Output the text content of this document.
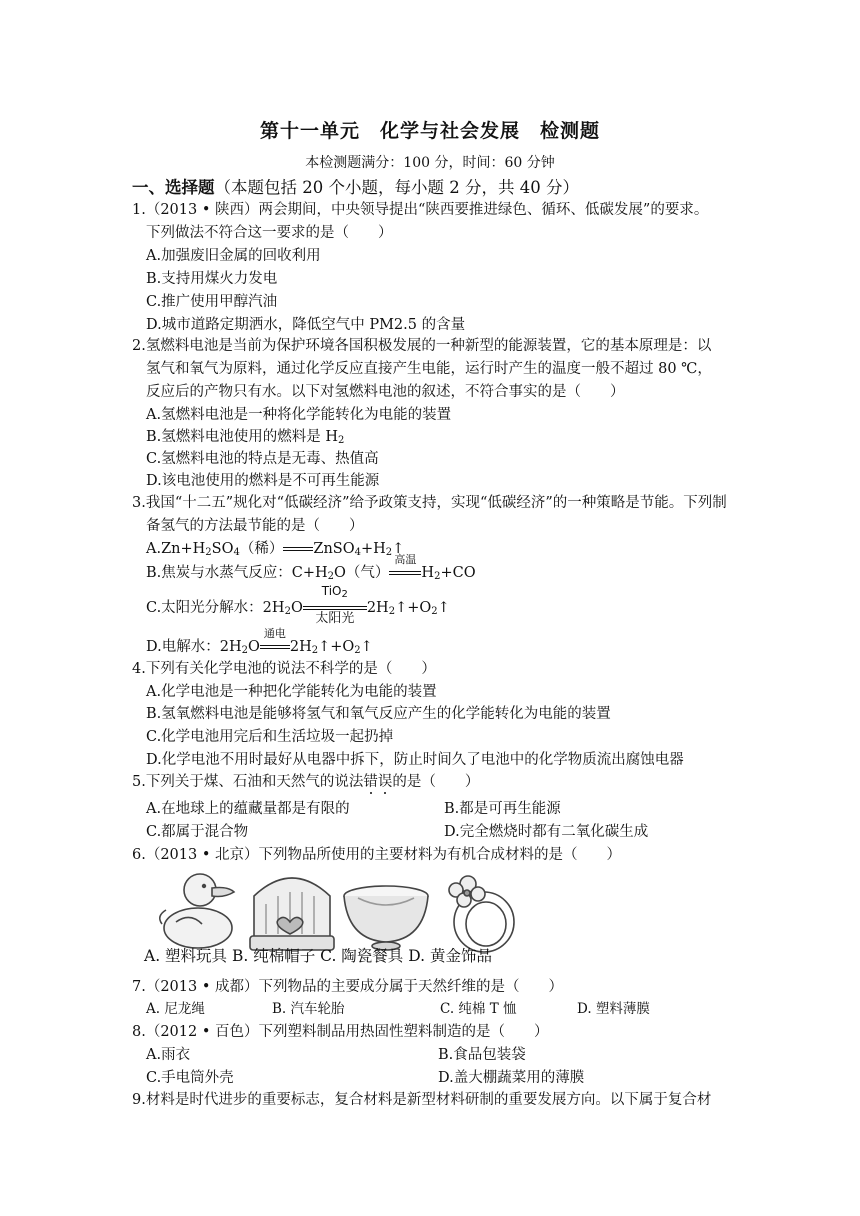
第十一单元　化学与社会发展　检测题
本检测题满分：100 分，时间：60 分钟
一、选择题（本题包括 20 个小题，每小题 2 分，共 40 分）
1.（2013 • 陕西）两会期间，中央领导提出“陕西要推进绿色、循环、低碳发展”的要求。
下列做法不符合这一要求的是（　　）
A.加强废旧金属的回收利用
B.支持用煤火力发电
C.推广使用甲醇汽油
D.城市道路定期洒水，降低空气中 PM2.5 的含量
2.氢燃料电池是当前为保护环境各国积极发展的一种新型的能源装置，它的基本原理是：以
氢气和氧气为原料，通过化学反应直接产生电能，运行时产生的温度一般不超过 80 ℃，
反应后的产物只有水。以下对氢燃料电池的叙述，不符合事实的是（　　）
A.氢燃料电池是一种将化学能转化为电能的装置
B.氢燃料电池使用的燃料是 $H_2$
C.氢燃料电池的特点是无毒、热值高
D.该电池使用的燃料是不可再生能源
3.我国“十二五”规化对“低碳经济”给予政策支持，实现“低碳经济”的一种策略是节能。下列制
备氢气的方法最节能的是（　　）
$A.Zn+H_2SO_4$（稀） $ZnSO_4+H_2↑$
B.焦炭与水蒸气反应：$C+H_2O$（气）
高温
$H_2+CO$
C.太阳光分解水：$2H_2O$
TiO$_2$
太阳光
$2H_2↑+O_2↑$
D.电解水：$2H_2O$
通电
$2H_2↑+O_2↑$
4.下列有关化学电池的说法不科学的是（　　）
A.化学电池是一种把化学能转化为电能的装置
B.氢氧燃料电池是能够将氢气和氧气反应产生的化学能转化为电能的装置
C.化学电池用完后和生活垃圾一起扔掉
D.化学电池不用时最好从电器中拆下，防止时间久了电池中的化学物质流出腐蚀电器
5.下列关于煤、石油和天然气的说法错误的是（　　）
A.在地球上的蕴藏量都是有限的	B.都是可再生能源
C.都属于混合物	D.完全燃烧时都有二氧化碳生成
6.（2013 • 北京）下列物品所使用的主要材料为有机合成材料的是（　　）
A. 塑料玩具 B. 纯棉帽子 C. 陶瓷餐具 D. 黄金饰品
7.（2013 • 成都）下列物品的主要成分属于天然纤维的是（　　）
A. 尼龙绳	B. 汽车轮胎	C. 纯棉 T 恤	D. 塑料薄膜
8.（2012 • 百色）下列塑料制品用热固性塑料制造的是（　　）
A.雨衣	B.食品包装袋
C.手电筒外壳	D.盖大棚蔬菜用的薄膜
9.材料是时代进步的重要标志，复合材料是新型材料研制的重要发展方向。以下属于复合材
